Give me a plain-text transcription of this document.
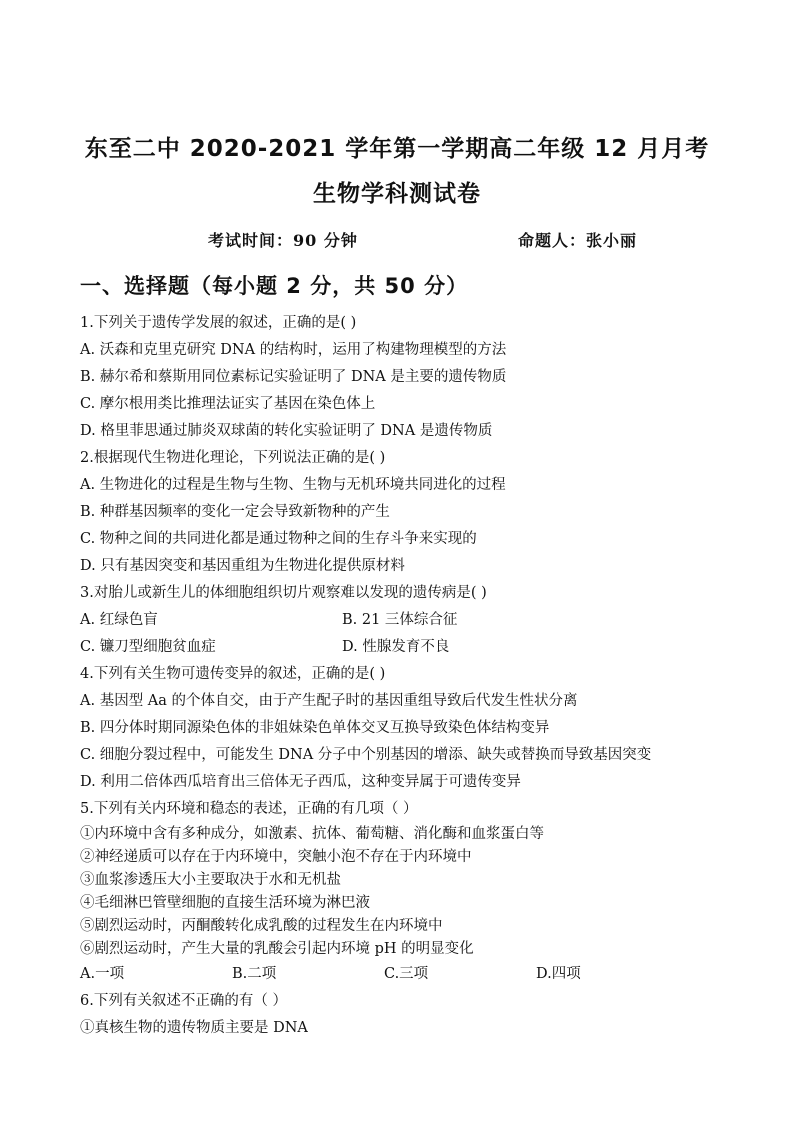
东至二中 2020-2021 学年第一学期高二年级 12 月月考
生物学科测试卷
考试时间：90 分钟	命题人：张小丽
一、选择题（每小题 2 分，共 50 分）
1.下列关于遗传学发展的叙述，正确的是( )
A. 沃森和克里克研究 DNA 的结构时，运用了构建物理模型的方法
B. 赫尔希和蔡斯用同位素标记实验证明了 DNA 是主要的遗传物质
C. 摩尔根用类比推理法证实了基因在染色体上
D. 格里菲思通过肺炎双球菌的转化实验证明了 DNA 是遗传物质
2.根据现代生物进化理论，下列说法正确的是( )
A. 生物进化的过程是生物与生物、生物与无机环境共同进化的过程
B. 种群基因频率的变化一定会导致新物种的产生
C. 物种之间的共同进化都是通过物种之间的生存斗争来实现的
D. 只有基因突变和基因重组为生物进化提供原材料
3.对胎儿或新生儿的体细胞组织切片观察难以发现的遗传病是( )
A. 红绿色盲	B. 21 三体综合征
C. 镰刀型细胞贫血症	D. 性腺发育不良
4.下列有关生物可遗传变异的叙述，正确的是( )
A. 基因型 Aa 的个体自交，由于产生配子时的基因重组导致后代发生性状分离
B. 四分体时期同源染色体的非姐妹染色单体交叉互换导致染色体结构变异
C. 细胞分裂过程中，可能发生 DNA 分子中个别基因的增添、缺失或替换而导致基因突变
D. 利用二倍体西瓜培育出三倍体无子西瓜，这种变异属于可遗传变异
5.下列有关内环境和稳态的表述，正确的有几项（ ）
①内环境中含有多种成分，如激素、抗体、葡萄糖、消化酶和血浆蛋白等
②神经递质可以存在于内环境中，突触小泡不存在于内环境中
③血浆渗透压大小主要取决于水和无机盐
④毛细淋巴管壁细胞的直接生活环境为淋巴液
⑤剧烈运动时，丙酮酸转化成乳酸的过程发生在内环境中
⑥剧烈运动时，产生大量的乳酸会引起内环境 pH 的明显变化
A.一项	B.二项	C.三项	D.四项
6.下列有关叙述不正确的有（ ）
①真核生物的遗传物质主要是 DNA
